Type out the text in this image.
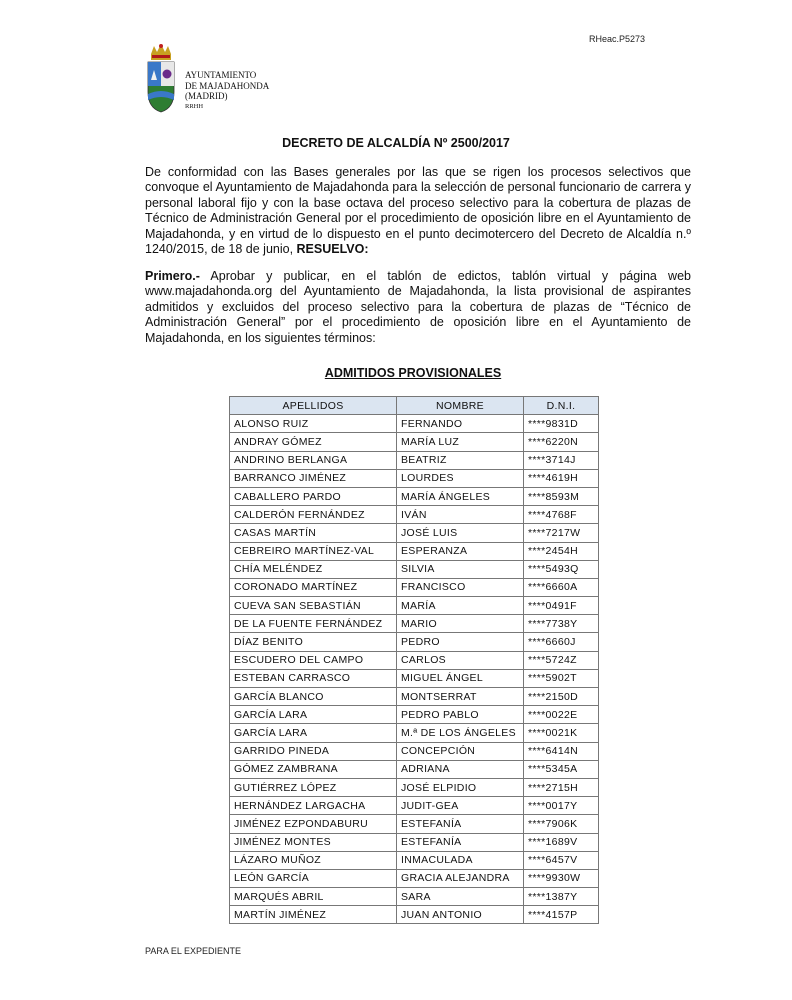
RHeac.P5273
AYUNTAMIENTO
DE MAJADAHONDA
(MADRID)
RRHH
DECRETO DE ALCALDÍA Nº 2500/2017
De conformidad con las Bases generales por las que se rigen los procesos selectivos que convoque el Ayuntamiento de Majadahonda para la selección de personal funcionario de carrera y personal laboral fijo y con la base octava del proceso selectivo para la cobertura de plazas de Técnico de Administración General por el procedimiento de oposición libre en el Ayuntamiento de Majadahonda, y en virtud de lo dispuesto en el punto decimotercero del Decreto de Alcaldía n.º 1240/2015, de 18 de junio, RESUELVO:
Primero.- Aprobar y publicar, en el tablón de edictos, tablón virtual y página web www.majadahonda.org del Ayuntamiento de Majadahonda, la lista provisional de aspirantes admitidos y excluidos del proceso selectivo para la cobertura de plazas de “Técnico de Administración General” por el procedimiento de oposición libre en el Ayuntamiento de Majadahonda, en los siguientes términos:
ADMITIDOS PROVISIONALES
APELLIDOS	NOMBRE	D.N.I.
ALONSO RUIZ	FERNANDO	****9831D
ANDRAY GÓMEZ	MARÍA LUZ	****6220N
ANDRINO BERLANGA	BEATRIZ	****3714J
BARRANCO JIMÉNEZ	LOURDES	****4619H
CABALLERO PARDO	MARÍA ÁNGELES	****8593M
CALDERÓN FERNÁNDEZ	IVÁN	****4768F
CASAS MARTÍN	JOSÉ LUIS	****7217W
CEBREIRO MARTÍNEZ-VAL	ESPERANZA	****2454H
CHÍA MELÉNDEZ	SILVIA	****5493Q
CORONADO MARTÍNEZ	FRANCISCO	****6660A
CUEVA SAN SEBASTIÁN	MARÍA	****0491F
DE LA FUENTE FERNÁNDEZ	MARIO	****7738Y
DÍAZ BENITO	PEDRO	****6660J
ESCUDERO DEL CAMPO	CARLOS	****5724Z
ESTEBAN CARRASCO	MIGUEL ÁNGEL	****5902T
GARCÍA BLANCO	MONTSERRAT	****2150D
GARCÍA LARA	PEDRO PABLO	****0022E
GARCÍA LARA	M.ª DE LOS ÁNGELES	****0021K
GARRIDO PINEDA	CONCEPCIÓN	****6414N
GÓMEZ ZAMBRANA	ADRIANA	****5345A
GUTIÉRREZ LÓPEZ	JOSÉ ELPIDIO	****2715H
HERNÁNDEZ LARGACHA	JUDIT-GEA	****0017Y
JIMÉNEZ EZPONDABURU	ESTEFANÍA	****7906K
JIMÉNEZ MONTES	ESTEFANÍA	****1689V
LÁZARO MUÑOZ	INMACULADA	****6457V
LEÓN GARCÍA	GRACIA ALEJANDRA	****9930W
MARQUÉS ABRIL	SARA	****1387Y
MARTÍN JIMÉNEZ	JUAN ANTONIO	****4157P
PARA EL EXPEDIENTE
